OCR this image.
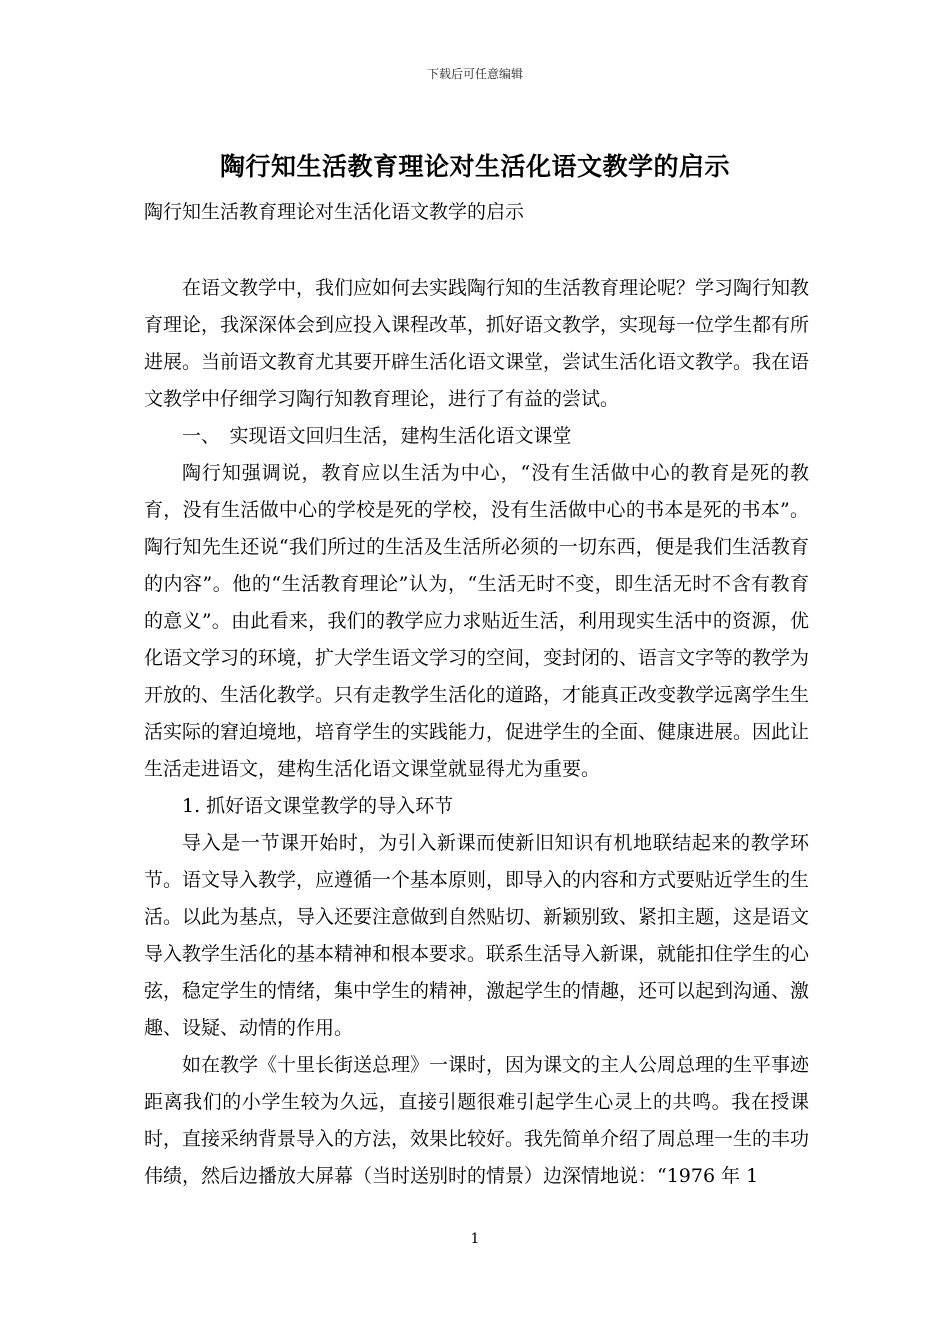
下载后可任意编辑
陶行知生活教育理论对生活化语文教学的启示
陶行知生活教育理论对生活化语文教学的启示

在语文教学中，我们应如何去实践陶行知的生活教育理论呢？学习陶行知教育理论，我深深体会到应投入课程改革，抓好语文教学，实现每一位学生都有所进展。当前语文教育尤其要开辟生活化语文课堂，尝试生活化语文教学。我在语文教学中仔细学习陶行知教育理论，进行了有益的尝试。

一、　实现语文回归生活，建构生活化语文课堂

陶行知强调说，教育应以生活为中心，“没有生活做中心的教育是死的教育，没有生活做中心的学校是死的学校，没有生活做中心的书本是死的书本”。陶行知先生还说“我们所过的生活及生活所必须的一切东西，便是我们生活教育的内容”。他的“生活教育理论”认为，“生活无时不变，即生活无时不含有教育的意义”。由此看来，我们的教学应力求贴近生活，利用现实生活中的资源，优化语文学习的环境，扩大学生语文学习的空间，变封闭的、语言文字等的教学为开放的、生活化教学。只有走教学生活化的道路，才能真正改变教学远离学生生活实际的窘迫境地，培育学生的实践能力，促进学生的全面、健康进展。因此让生活走进语文，建构生活化语文课堂就显得尤为重要。

1. 抓好语文课堂教学的导入环节

导入是一节课开始时，为引入新课而使新旧知识有机地联结起来的教学环节。语文导入教学，应遵循一个基本原则，即导入的内容和方式要贴近学生的生活。以此为基点，导入还要注意做到自然贴切、新颖别致、紧扣主题，这是语文导入教学生活化的基本精神和根本要求。联系生活导入新课，就能扣住学生的心弦，稳定学生的情绪，集中学生的精神，激起学生的情趣，还可以起到沟通、激趣、设疑、动情的作用。

如在教学《十里长街送总理》一课时，因为课文的主人公周总理的生平事迹距离我们的小学生较为久远，直接引题很难引起学生心灵上的共鸣。我在授课时，直接采纳背景导入的方法，效果比较好。我先简单介绍了周总理一生的丰功伟绩，然后边播放大屏幕（当时送别时的情景）边深情地说：“1976 年 1

1
